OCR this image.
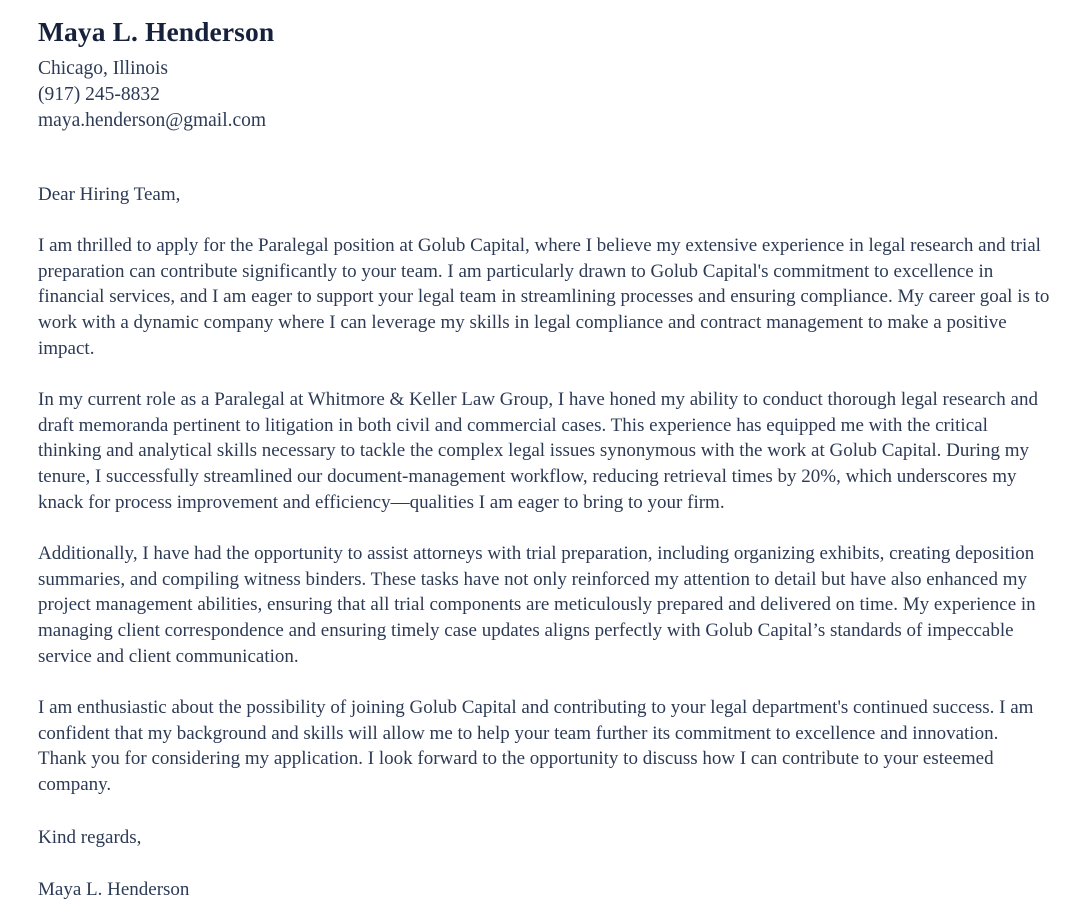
Maya L. Henderson

Chicago, Illinois

(917) 245-8832

maya.henderson@gmail.com

Dear Hiring Team,

I am thrilled to apply for the Paralegal position at Golub Capital, where I believe my extensive experience in legal research and trial preparation can contribute significantly to your team. I am particularly drawn to Golub Capital's commitment to excellence in financial services, and I am eager to support your legal team in streamlining processes and ensuring compliance. My career goal is to work with a dynamic company where I can leverage my skills in legal compliance and contract management to make a positive impact.

In my current role as a Paralegal at Whitmore & Keller Law Group, I have honed my ability to conduct thorough legal research and draft memoranda pertinent to litigation in both civil and commercial cases. This experience has equipped me with the critical thinking and analytical skills necessary to tackle the complex legal issues synonymous with the work at Golub Capital. During my tenure, I successfully streamlined our document-management workflow, reducing retrieval times by 20%, which underscores my knack for process improvement and efficiency—qualities I am eager to bring to your firm.

Additionally, I have had the opportunity to assist attorneys with trial preparation, including organizing exhibits, creating deposition summaries, and compiling witness binders. These tasks have not only reinforced my attention to detail but have also enhanced my project management abilities, ensuring that all trial components are meticulously prepared and delivered on time. My experience in managing client correspondence and ensuring timely case updates aligns perfectly with Golub Capital’s standards of impeccable service and client communication.

I am enthusiastic about the possibility of joining Golub Capital and contributing to your legal department's continued success. I am confident that my background and skills will allow me to help your team further its commitment to excellence and innovation. Thank you for considering my application. I look forward to the opportunity to discuss how I can contribute to your esteemed company.

Kind regards,

Maya L. Henderson
